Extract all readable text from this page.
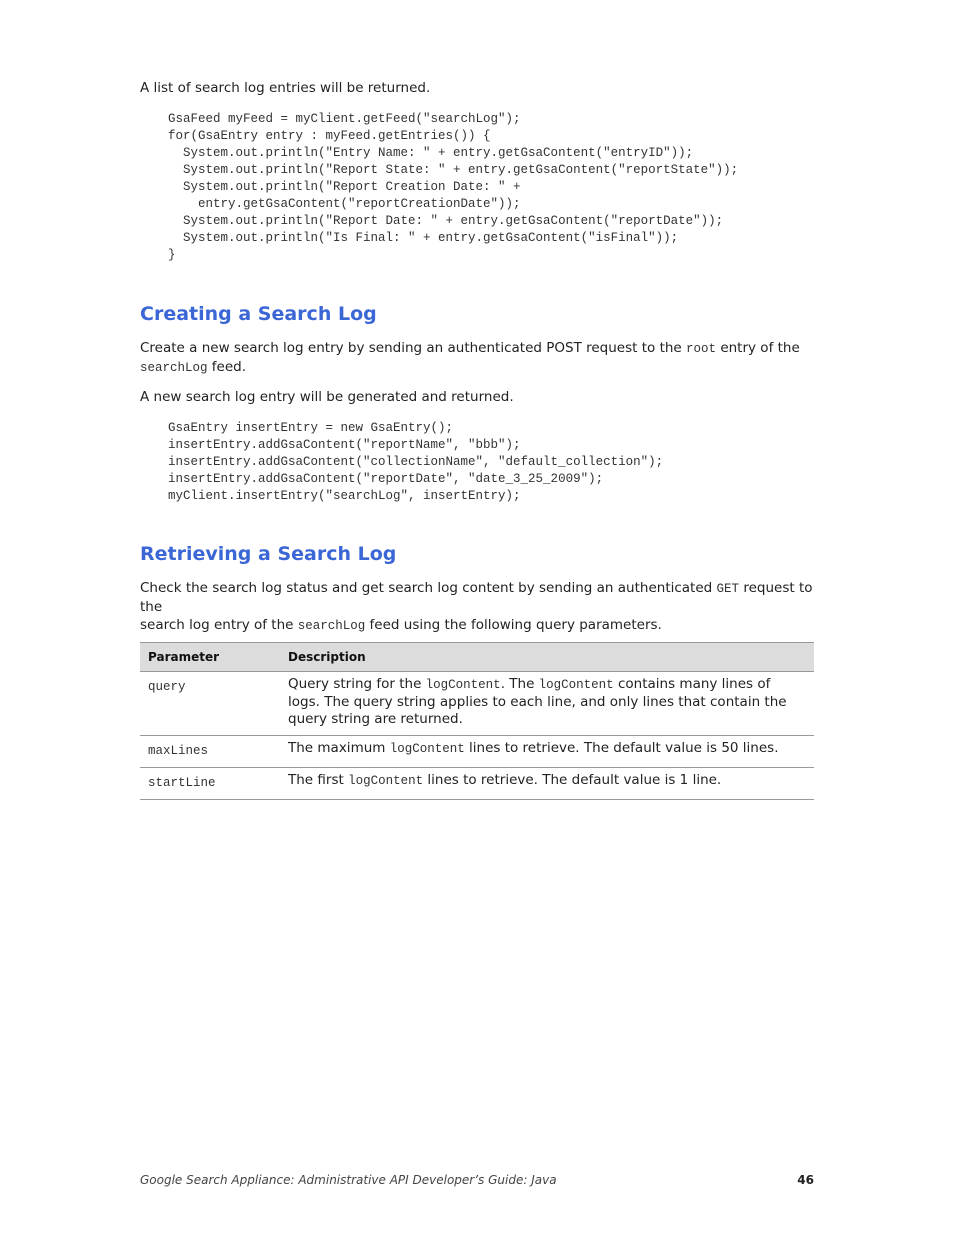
A list of search log entries will be returned.

GsaFeed myFeed = myClient.getFeed("searchLog");
for(GsaEntry entry : myFeed.getEntries()) {
System.out.println("Entry Name: " + entry.getGsaContent("entryID"));
System.out.println("Report State: " + entry.getGsaContent("reportState"));
System.out.println("Report Creation Date: " +
entry.getGsaContent("reportCreationDate"));
System.out.println("Report Date: " + entry.getGsaContent("reportDate"));
System.out.println("Is Final: " + entry.getGsaContent("isFinal"));
}
Creating a Search Log

Create a new search log entry by sending an authenticated POST request to the root entry of the
searchLog feed.

A new search log entry will be generated and returned.

GsaEntry insertEntry = new GsaEntry();
insertEntry.addGsaContent("reportName", "bbb");
insertEntry.addGsaContent("collectionName", "default_collection");
insertEntry.addGsaContent("reportDate", "date_3_25_2009");
myClient.insertEntry("searchLog", insertEntry);
Retrieving a Search Log

Check the search log status and get search log content by sending an authenticated GET request to the
search log entry of the searchLog feed using the following query parameters.

Parameter	Description
query	Query string for the logContent. The logContent contains many lines of logs. The query string applies to each line, and only lines that contain the query string are returned.
maxLines	The maximum logContent lines to retrieve. The default value is 50 lines.
startLine	The first logContent lines to retrieve. The default value is 1 line.
Google Search Appliance: Administrative API Developer’s Guide: Java	46
